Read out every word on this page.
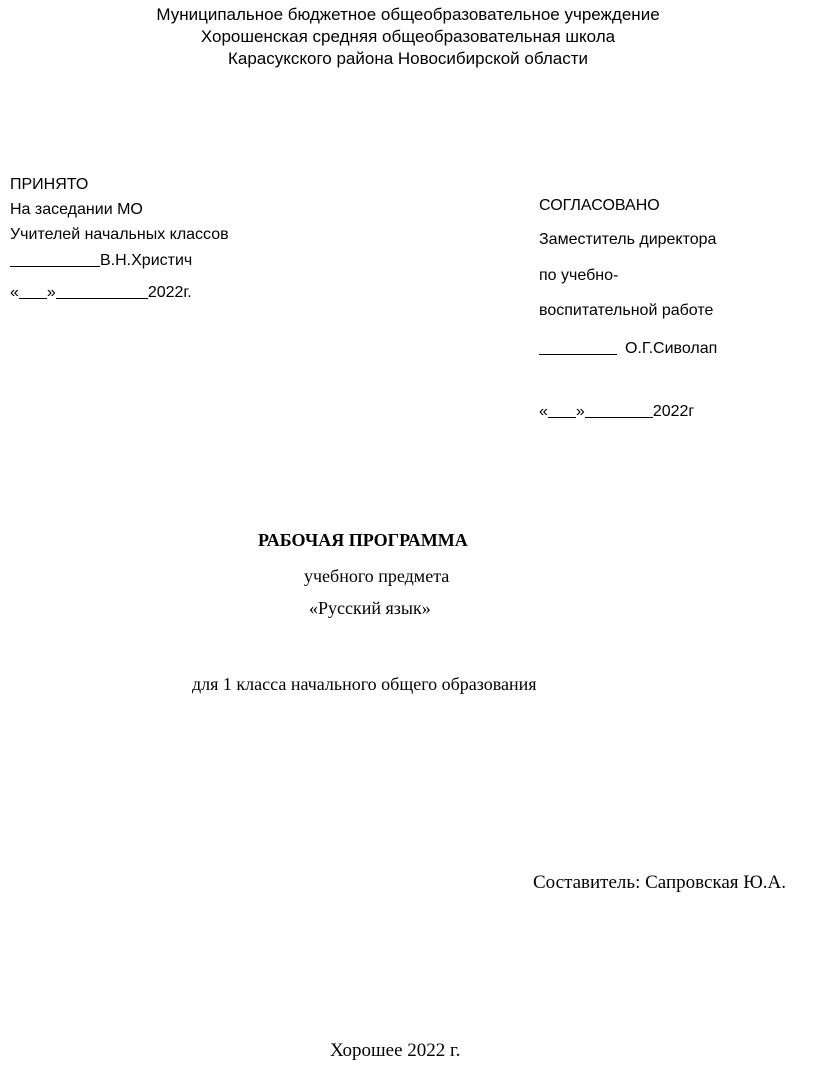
Муниципальное бюджетное общеобразовательное учреждение
Хорошенская средняя общеобразовательная школа
Карасукского района Новосибирской области
ПРИНЯТО
На заседании МО
Учителей начальных классов
В.Н.Христич
« »	2022г.
СОГЛАСОВАНО
Заместитель директора
по учебно-
воспитательной работе
О.Г.Сиволап
« »	2022г
РАБОЧАЯ ПРОГРАММА
учебного предмета
«Русский язык»
для 1 класса начального общего образования
Составитель: Сапровская Ю.А.
Хорошее 2022 г.
